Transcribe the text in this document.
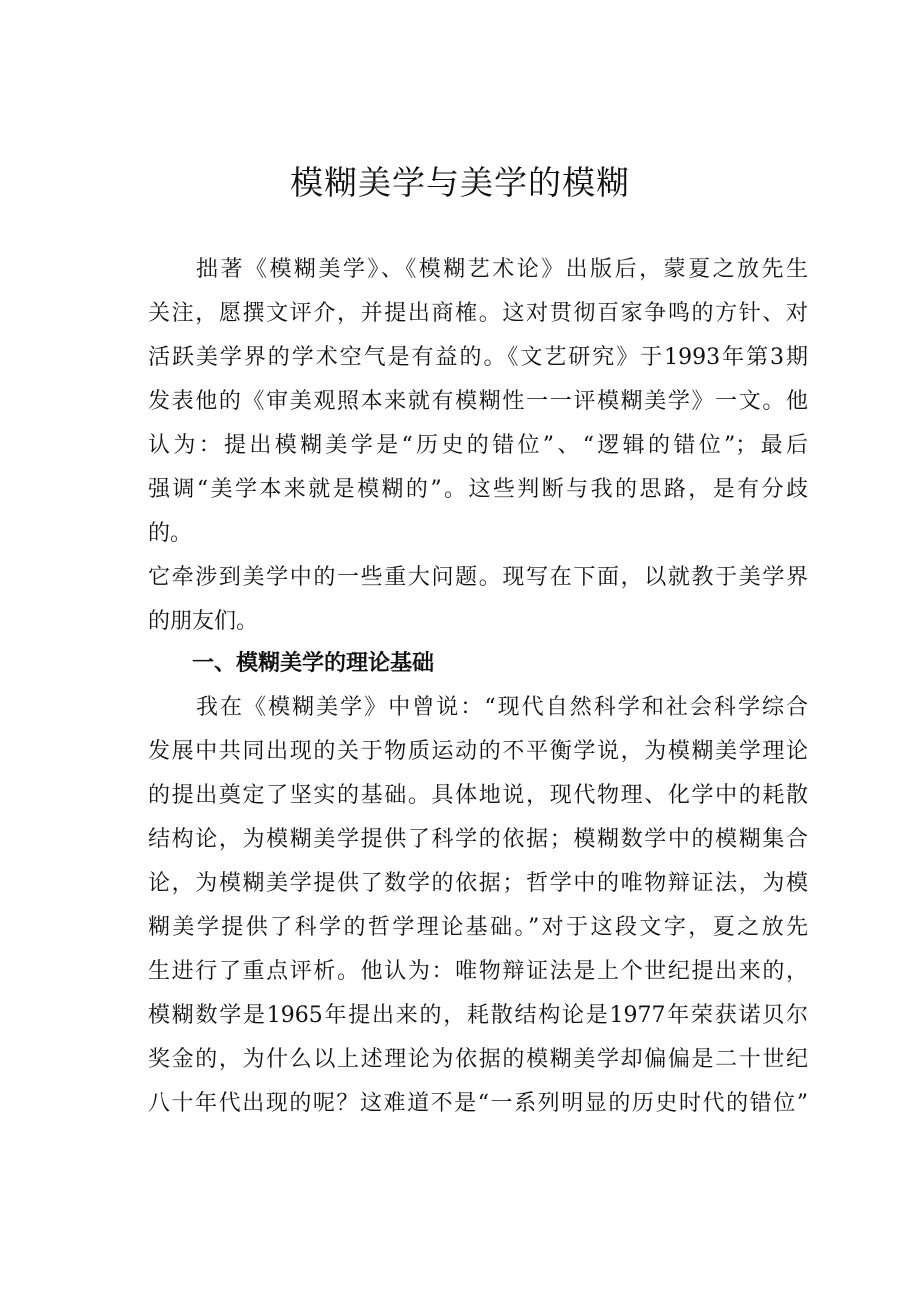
模糊美学与美学的模糊
拙著《模糊美学》、《模糊艺术论》出版后，蒙夏之放先生
关注，愿撰文评介，并提出商榷。这对贯彻百家争鸣的方针、对
活跃美学界的学术空气是有益的。《文艺研究》于1993年第3期
发表他的《审美观照本来就有模糊性一一评模糊美学》一文。他
认为：提出模糊美学是“历史的错位”、“逻辑的错位”；最后
强调“美学本来就是模糊的”。这些判断与我的思路，是有分歧
的。
它牵涉到美学中的一些重大问题。现写在下面，以就教于美学界
的朋友们。
一、模糊美学的理论基础
我在《模糊美学》中曾说：“现代自然科学和社会科学综合
发展中共同出现的关于物质运动的不平衡学说，为模糊美学理论
的提出奠定了坚实的基础。具体地说，现代物理、化学中的耗散
结构论，为模糊美学提供了科学的依据；模糊数学中的模糊集合
论，为模糊美学提供了数学的依据；哲学中的唯物辩证法，为模
糊美学提供了科学的哲学理论基础。”对于这段文字，夏之放先
生进行了重点评析。他认为：唯物辩证法是上个世纪提出来的，
模糊数学是1965年提出来的，耗散结构论是1977年荣获诺贝尔
奖金的，为什么以上述理论为依据的模糊美学却偏偏是二十世纪
八十年代出现的呢？这难道不是“一系列明显的历史时代的错位”
